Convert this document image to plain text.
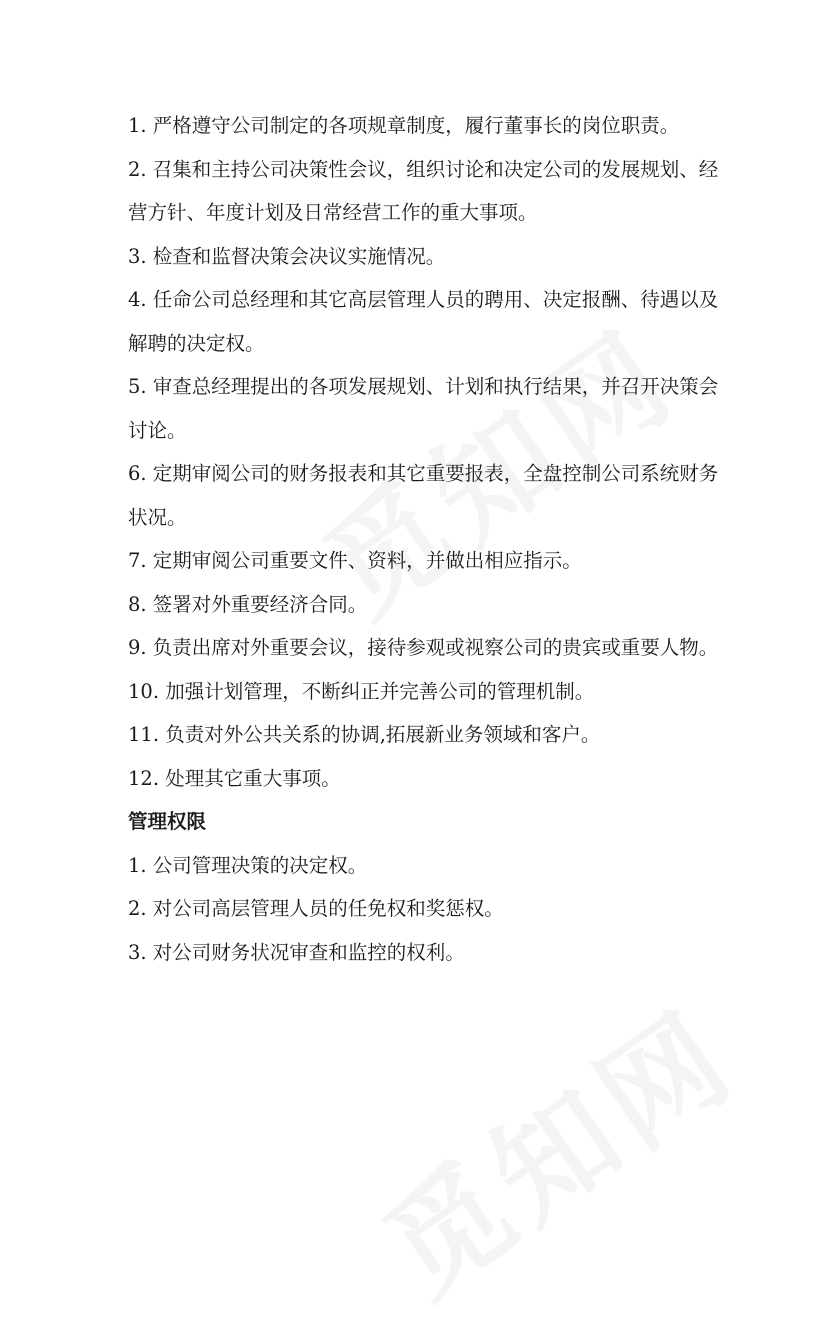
1. 严格遵守公司制定的各项规章制度，履行董事长的岗位职责。

2. 召集和主持公司决策性会议，组织讨论和决定公司的发展规划、经营方针、年度计划及日常经营工作的重大事项。

3. 检查和监督决策会决议实施情况。

4. 任命公司总经理和其它高层管理人员的聘用、决定报酬、待遇以及解聘的决定权。

5. 审查总经理提出的各项发展规划、计划和执行结果，并召开决策会讨论。

6. 定期审阅公司的财务报表和其它重要报表，全盘控制公司系统财务状况。

7. 定期审阅公司重要文件、资料，并做出相应指示。

8. 签署对外重要经济合同。

9. 负责出席对外重要会议，接待参观或视察公司的贵宾或重要人物。

10. 加强计划管理，不断纠正并完善公司的管理机制。

11. 负责对外公共关系的协调,拓展新业务领域和客户。

12. 处理其它重大事项。

管理权限

1. 公司管理决策的决定权。

2. 对公司高层管理人员的任免权和奖惩权。

3. 对公司财务状况审查和监控的权利。
